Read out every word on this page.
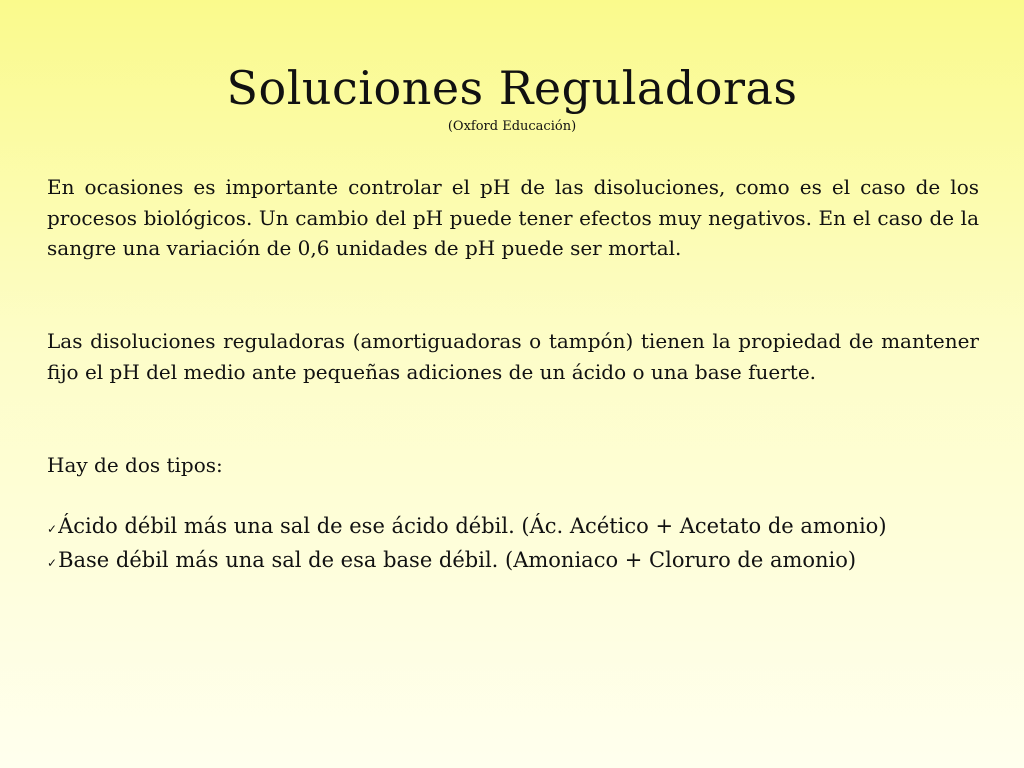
Soluciones Reguladoras
(Oxford Educación)

En ocasiones es importante controlar el pH de las disoluciones, como es el caso de los procesos biológicos. Un cambio del pH puede tener efectos muy negativos. En el caso de la sangre una variación de 0,6 unidades de pH puede ser mortal.

Las disoluciones reguladoras (amortiguadoras o tampón) tienen la propiedad de mantener fijo el pH del medio ante pequeñas adiciones de un ácido o una base fuerte.

Hay de dos tipos:

✓Ácido débil más una sal de ese ácido débil. (Ác. Acético + Acetato de amonio)
✓Base débil más una sal de esa base débil. (Amoniaco + Cloruro de amonio)
